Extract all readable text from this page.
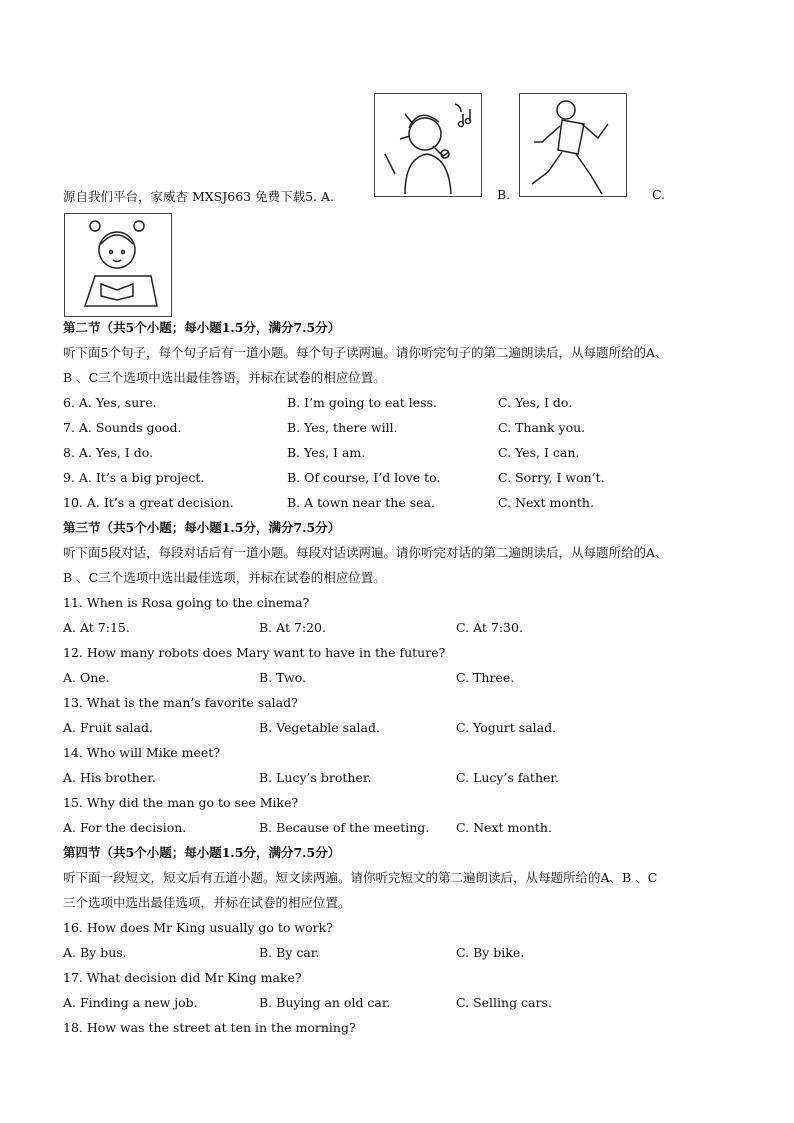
源自我们平台，家威杏 MXSJ663 免费下载5. A.	B.	C.
第二节（共5个小题；每小题1.5分，满分7.5分）
听下面5个句子，每个句子后有一道小题。每个句子读两遍。请你听完句子的第二遍朗读后，从每题所给的A、
B 、C三个选项中选出最佳答语，并标在试卷的相应位置。
6. A. Yes, sure.	B. I’m going to eat less.	C. Yes, I do.
7. A. Sounds good.	B. Yes, there will.	C. Thank you.
8. A. Yes, I do.	B. Yes, I am.	C. Yes, I can.
9. A. It’s a big project.	B. Of course, I’d love to.	C. Sorry, I won’t.
10. A. It’s a great decision.	B. A town near the sea.	C. Next month.
第三节（共5个小题；每小题1.5分，满分7.5分）
听下面5段对话，每段对话后有一道小题。每段对话读两遍。请你听完对话的第二遍朗读后，从每题所给的A、
B 、C三个选项中选出最佳选项，并标在试卷的相应位置。
11. When is Rosa going to the cinema?
A. At 7:15.	B. At 7:20.	C. At 7:30.
12. How many robots does Mary want to have in the future?
A. One.	B. Two.	C. Three.
13. What is the man’s favorite salad?
A. Fruit salad.	B. Vegetable salad.	C. Yogurt salad.
14. Who will Mike meet?
A. His brother.	B. Lucy’s brother.	C. Lucy’s father.
15. Why did the man go to see Mike?
A. For the decision.	B. Because of the meeting. C. Next month.
第四节（共5个小题；每小题1.5分，满分7.5分）
听下面一段短文，短文后有五道小题。短文读两遍。请你听完短文的第二遍朗读后，从每题所给的A、B 、C
三个选项中选出最佳选项，并标在试卷的相应位置。
16. How does Mr King usually go to work?
A. By bus.	B. By car.	C. By bike.
17. What decision did Mr King make?
A. Finding a new job.	B. Buying an old car.	C. Selling cars.
18. How was the street at ten in the morning?
